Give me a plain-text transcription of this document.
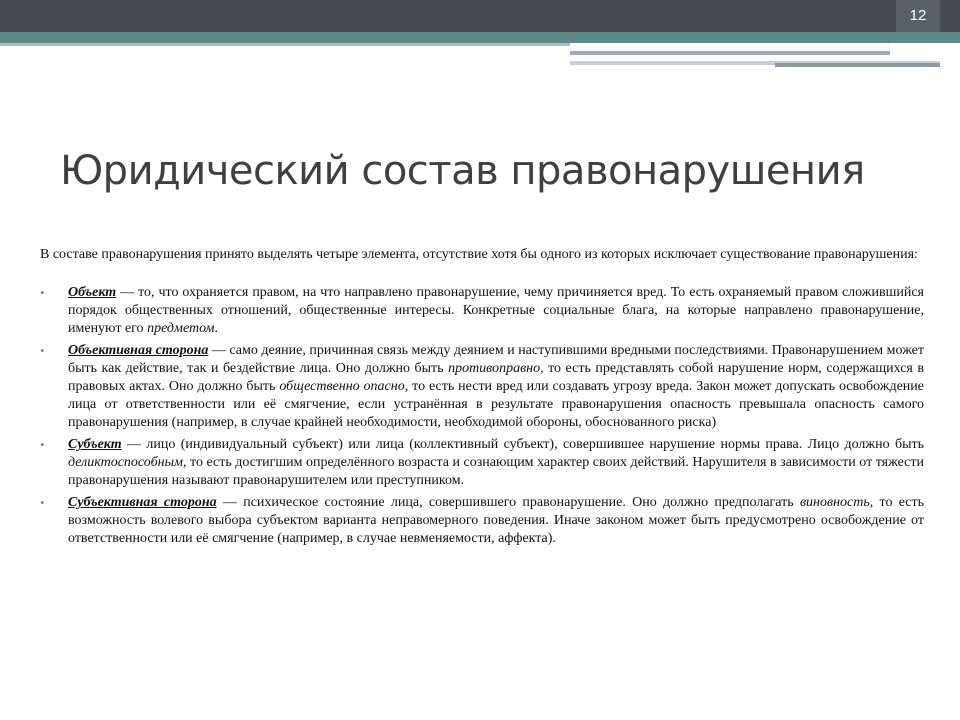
12
Юридический состав правонарушения

В составе правонарушения принято выделять четыре элемента, отсутствие хотя бы одного из которых исключает существование правонарушения:

• Объект — то, что охраняется правом, на что направлено правонарушение, чему причиняется вред. То есть охраняемый правом сложившийся порядок общественных отношений, общественные интересы. Конкретные социальные блага, на которые направлено правонарушение, именуют его предметом.
• Объективная сторона — само деяние, причинная связь между деянием и наступившими вредными последствиями. Правонарушением может быть как действие, так и бездействие лица. Оно должно быть противоправно, то есть представлять собой нарушение норм, содержащихся в правовых актах. Оно должно быть общественно опасно, то есть нести вред или создавать угрозу вреда. Закон может допускать освобождение лица от ответственности или её смягчение, если устранённая в результате правонарушения опасность превышала опасность самого правонарушения (например, в случае крайней необходимости, необходимой обороны, обоснованного риска)
• Субъект — лицо (индивидуальный субъект) или лица (коллективный субъект), совершившее нарушение нормы права. Лицо должно быть деликтоспособным, то есть достигшим определённого возраста и сознающим характер своих действий. Нарушителя в зависимости от тяжести правонарушения называют правонарушителем или преступником.
• Субъективная сторона — психическое состояние лица, совершившего правонарушение. Оно должно предполагать виновность, то есть возможность волевого выбора субъектом варианта неправомерного поведения. Иначе законом может быть предусмотрено освобождение от ответственности или её смягчение (например, в случае невменяемости, аффекта).
